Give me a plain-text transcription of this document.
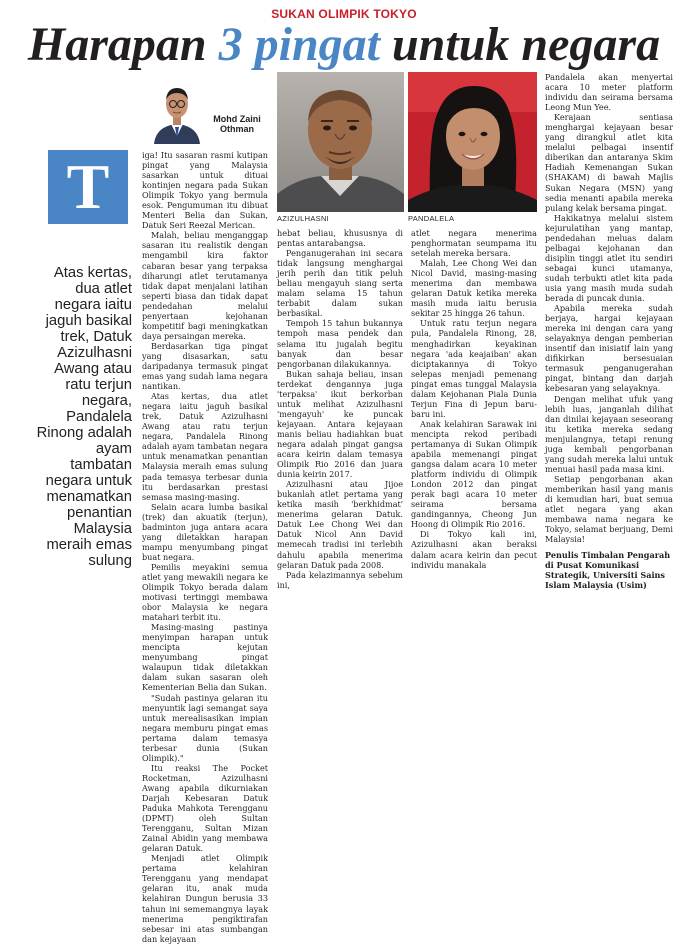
SUKAN OLIMPIK TOKYO
Harapan 3 pingat untuk negara
Mohd Zaini Othman
AZIZULHASNI	PANDALELA
T
Atas kertas, dua atlet negara iaitu jaguh basikal trek, Datuk Azizulhasni Awang atau ratu terjun negara, Pandalela Rinong adalah ayam tambatan negara untuk menamatkan penantian Malaysia meraih emas sulung

iga! Itu sasaran rasmi kutipan pingat yang Malaysia sasarkan untuk dituai kontinjen negara pada Sukan Olimpik Tokyo yang bermula esok. Pengumuman itu dibuat Menteri Belia dan Sukan, Datuk Seri Reezal Merican.

Malah, beliau menganggap sasaran itu realistik dengan mengambil kira faktor cabaran besar yang terpaksa diharungi atlet terutamanya tidak dapat menjalani latihan seperti biasa dan tidak dapat pendedahan melalui penyertaan kejohanan kompetitif bagi meningkatkan daya persaingan mereka.

Berdasarkan tiga pingat yang disasarkan, satu daripadanya termasuk pingat emas yang sudah lama negara nantikan.

Atas kertas, dua atlet negara iaitu jaguh basikal trek, Datuk Azizulhasni Awang atau ratu terjun negara, Pandalela Rinong adalah ayam tambatan negara untuk menamatkan penantian Malaysia meraih emas sulung pada temasya terbesar dunia itu berdasarkan prestasi semasa masing-masing.

Selain acara lumba basikal (trek) dan akuatik (terjun), badminton juga antara acara yang diletakkan harapan mampu menyumbang pingat buat negara.

Pemilis meyakini semua atlet yang mewakili negara ke Olimpik Tokyo berada dalam motivasi tertinggi membawa obor Malaysia ke negara matahari terbit itu.

Masing-masing pastinya menyimpan harapan untuk mencipta kejutan menyumbang pingat walaupun tidak diletakkan dalam sukan sasaran oleh Kementerian Belia dan Sukan.

"Sudah pastinya gelaran itu menyuntik lagi semangat saya untuk merealisasikan impian negara memburu pingat emas pertama dalam temasya terbesar dunia (Sukan Olimpik)."

Itu reaksi The Pocket Rocketman, Azizulhasni Awang apabila dikurniakan Darjah Kebesaran Datuk Paduka Mahkota Terengganu (DPMT) oleh Sultan Terengganu, Sultan Mizan Zainal Abidin yang membawa gelaran Datuk.

Menjadi atlet Olimpik pertama kelahiran Terengganu yang mendapat gelaran itu, anak muda kelahiran Dungun berusia 33 tahun ini sememangnya layak menerima pengiktirafan sebesar ini atas sumbangan dan kejayaan

hebat beliau, khususnya di pentas antarabangsa.

Penganugerahan ini secara tidak langsung menghargai jerih perih dan titik peluh beliau mengayuh siang serta malam selama 15 tahun terbabit dalam sukan berbasikal.

Tempoh 15 tahun bukannya tempoh masa pendek dan selama itu jugalah begitu banyak dan besar pengorbanan dilakukannya.

Bukan sahaja beliau, insan terdekat dengannya juga 'terpaksa' ikut berkorban untuk melihat Azizulhasni 'mengayuh' ke puncak kejayaan. Antara kejayaan manis beliau hadiahkan buat negara adalah pingat gangsa acara keirin dalam temasya Olimpik Rio 2016 dan juara dunia keirin 2017.

Azizulhasni atau Jijoe bukanlah atlet pertama yang ketika masih 'berkhidmat' menerima gelaran Datuk. Datuk Lee Chong Wei dan Datuk Nicol Ann David memecah tradisi ini terlebih dahulu apabila menerima gelaran Datuk pada 2008.

Pada kelazimannya sebelum ini,

atlet negara menerima penghormatan seumpama itu setelah mereka bersara.

Malah, Lee Chong Wei dan Nicol David, masing-masing menerima dan membawa gelaran Datuk ketika mereka masih muda iaitu berusia sekitar 25 hingga 26 tahun.

Untuk ratu terjun negara pula, Pandalela Rinong, 28, menghadirkan keyakinan negara 'ada keajaiban' akan diciptakannya di Tokyo selepas menjadi pemenang pingat emas tunggal Malaysia dalam Kejohanan Piala Dunia Terjun Fina di Jepun baru-baru ini.

Anak kelahiran Sarawak ini mencipta rekod peribadi pertamanya di Sukan Olimpik apabila memenangi pingat gangsa dalam acara 10 meter platform individu di Olimpik London 2012 dan pingat perak bagi acara 10 meter seirama bersama gandingannya, Cheong Jun Hoong di Olimpik Rio 2016.

Di Tokyo kali ini, Azizulhasni akan beraksi dalam acara keirin dan pecut individu manakala

Pandalela akan menyertai acara 10 meter platform individu dan seirama bersama Leong Mun Yee.

Kerajaan sentiasa menghargai kejayaan besar yang dirangkul atlet kita melalui pelbagai insentif diberikan dan antaranya Skim Hadiah Kemenangan Sukan (SHAKAM) di bawah Majlis Sukan Negara (MSN) yang sedia menanti apabila mereka pulang kelak bersama pingat.

Hakikatnya melalui sistem kejurulatihan yang mantap, pendedahan meluas dalam pelbagai kejohanan dan disiplin tinggi atlet itu sendiri sebagai kunci utamanya, sudah terbukti atlet kita pada usia yang masih muda sudah berada di puncak dunia.

Apabila mereka sudah berjaya, hargai kejayaan mereka ini dengan cara yang selayaknya dengan pemberian insentif dan inisiatif lain yang difikirkan bersesuaian termasuk penganugerahan pingat, bintang dan darjah kebesaran yang selayaknya.

Dengan melihat ufuk yang lebih luas, janganlah dilihat dan dinilai kejayaan seseorang itu ketika mereka sedang menjulangnya, tetapi renung juga kembali pengorbanan yang sudah mereka lalui untuk menuai hasil pada masa kini.

Setiap pengorbanan akan memberikan hasil yang manis di kemudian hari, buat semua atlet negara yang akan membawa nama negara ke Tokyo, selamat berjuang, Demi Malaysia!

Penulis Timbalan Pengarah di Pusat Komunikasi Strategik, Universiti Sains Islam Malaysia (Usim)
